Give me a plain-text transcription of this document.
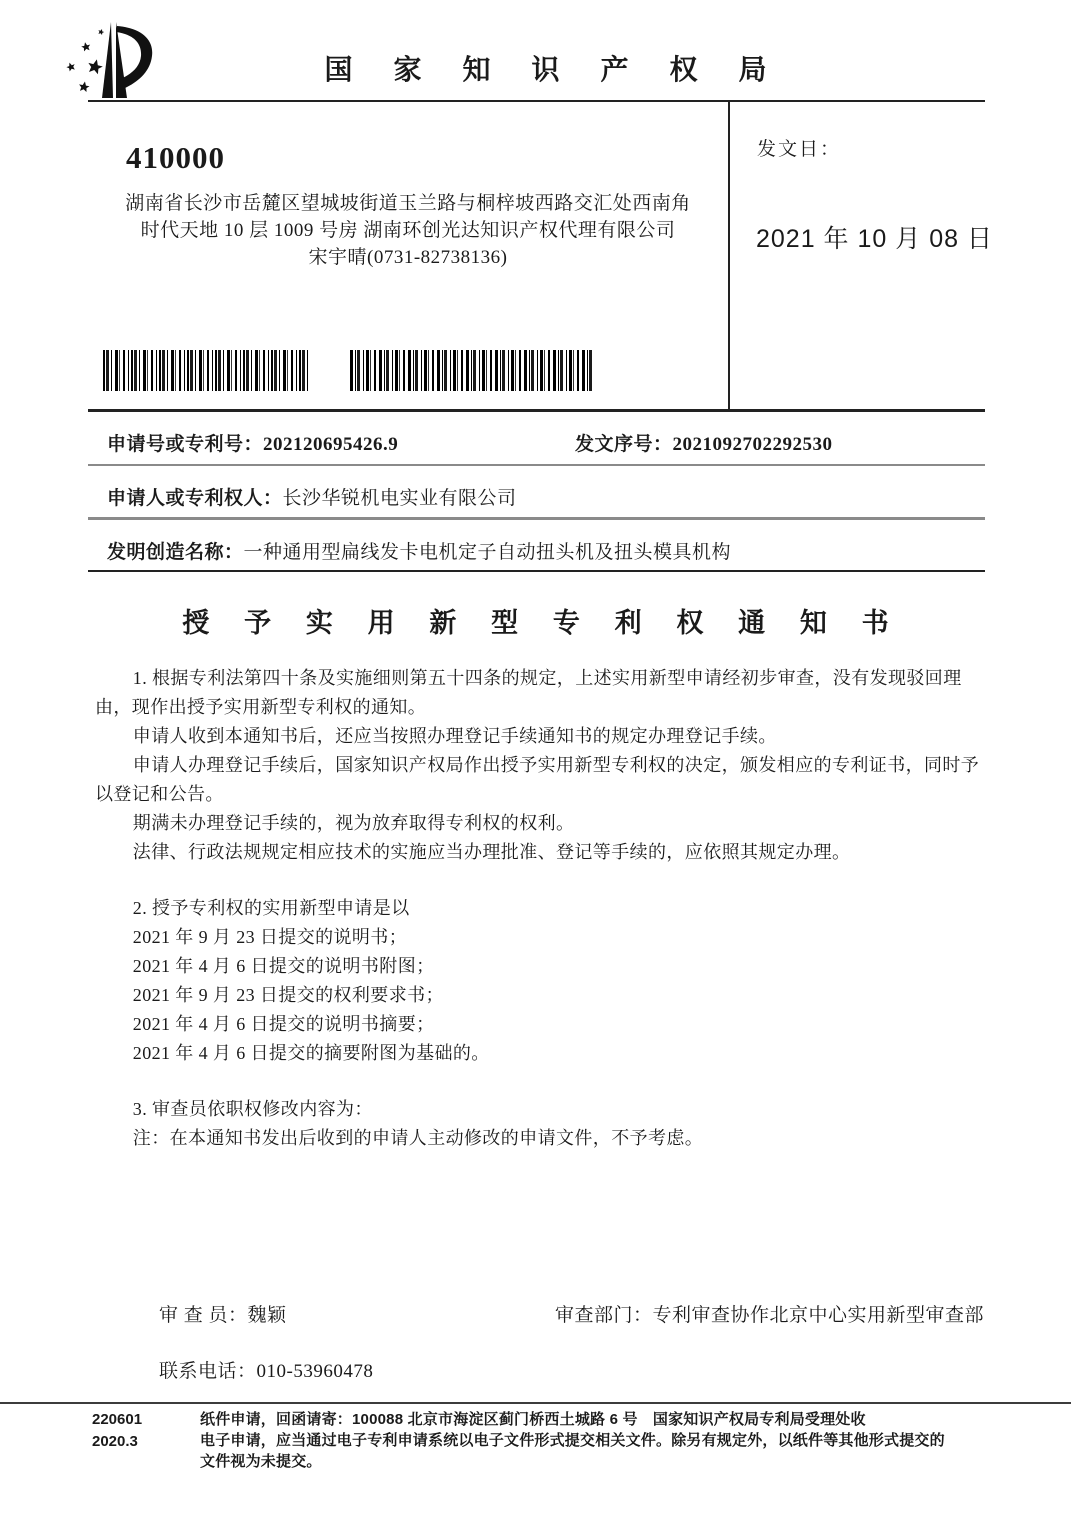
国 家 知 识 产 权 局
410000
湖南省长沙市岳麓区望城坡街道玉兰路与桐梓坡西路交汇处西南角
时代天地 10 层 1009 号房 湖南环创光达知识产权代理有限公司
宋宇晴(0731-82738136)
发文日：
2021 年 10 月 08 日
申请号或专利号：202120695426.9	发文序号：2021092702292530
申请人或专利权人：长沙华锐机电实业有限公司
发明创造名称：一种通用型扁线发卡电机定子自动扭头机及扭头模具机构
授 予 实 用 新 型 专 利 权 通 知 书

1. 根据专利法第四十条及实施细则第五十四条的规定，上述实用新型申请经初步审查，没有发现驳回理由，现作出授予实用新型专利权的通知。

申请人收到本通知书后，还应当按照办理登记手续通知书的规定办理登记手续。

申请人办理登记手续后，国家知识产权局作出授予实用新型专利权的决定，颁发相应的专利证书，同时予以登记和公告。

期满未办理登记手续的，视为放弃取得专利权的权利。

法律、行政法规规定相应技术的实施应当办理批准、登记等手续的，应依照其规定办理。

2. 授予专利权的实用新型申请是以

2021 年 9 月 23 日提交的说明书；

2021 年 4 月 6 日提交的说明书附图；

2021 年 9 月 23 日提交的权利要求书；

2021 年 4 月 6 日提交的说明书摘要；

2021 年 4 月 6 日提交的摘要附图为基础的。

3. 审查员依职权修改内容为：

注：在本通知书发出后收到的申请人主动修改的申请文件，不予考虑。

审 查 员：魏颖	审查部门：专利审查协作北京中心实用新型审查部
联系电话：010-53960478
220601
2020.3
纸件申请，回函请寄：100088 北京市海淀区蓟门桥西土城路 6 号　国家知识产权局专利局受理处收
电子申请，应当通过电子专利申请系统以电子文件形式提交相关文件。除另有规定外，以纸件等其他形式提交的文件视为未提交。
